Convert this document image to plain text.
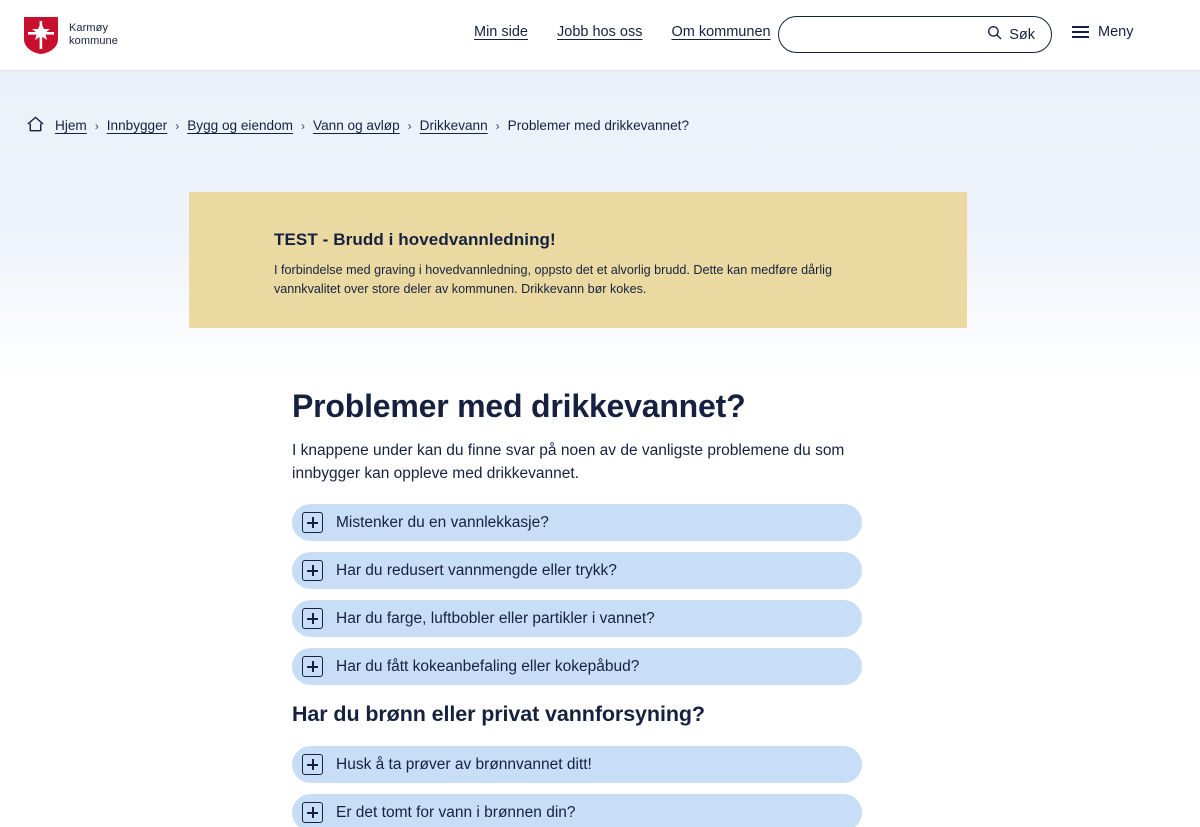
Karmøy
kommune
Min side Jobb hos oss Om kommunen	Søk	Meny
Hjem › Innbygger › Bygg og eiendom › Vann og avløp › Drikkevann › Problemer med drikkevannet?
TEST - Brudd i hovedvannledning!

I forbindelse med graving i hovedvannledning, oppsto det et alvorlig brudd. Dette kan medføre dårlig vannkvalitet over store deler av kommunen. Drikkevann bør kokes.

Problemer med drikkevannet?

I knappene under kan du finne svar på noen av de vanligste problemene du som innbygger kan oppleve med drikkevannet.

Mistenker du en vannlekkasje?
Har du redusert vannmengde eller trykk?
Har du farge, luftbobler eller partikler i vannet?
Har du fått kokeanbefaling eller kokepåbud?
Har du brønn eller privat vannforsyning?
Husk å ta prøver av brønnvannet ditt!
Er det tomt for vann i brønnen din?
